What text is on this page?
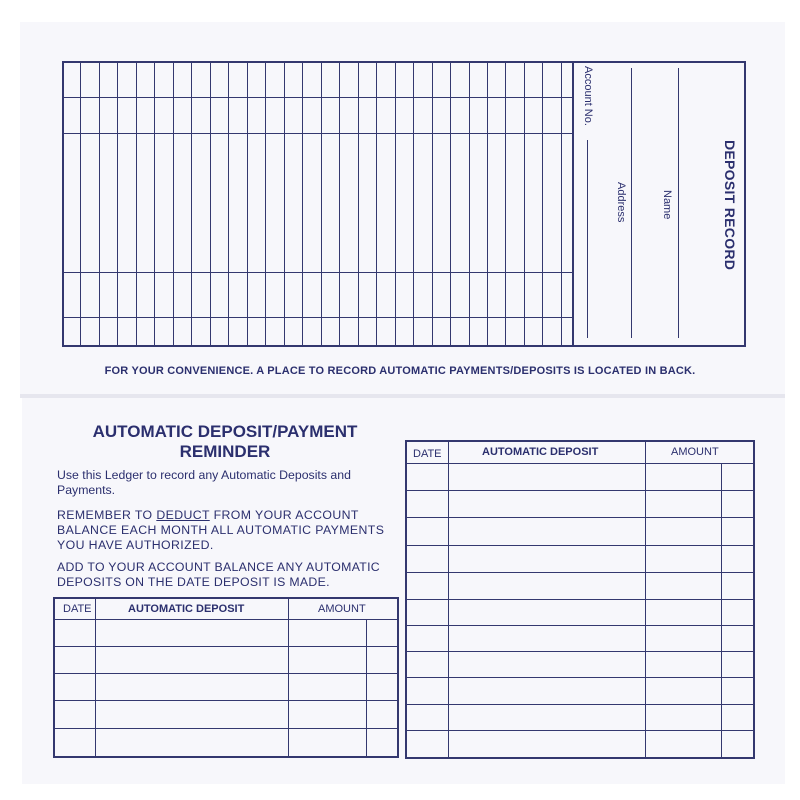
DEPOSIT RECORD
Name
Address
Account No.
FOR YOUR CONVENIENCE. A PLACE TO RECORD AUTOMATIC PAYMENTS/DEPOSITS IS LOCATED IN BACK.
AUTOMATIC DEPOSIT/PAYMENT
REMINDER
Use this Ledger to record any Automatic Deposits and Payments.
REMEMBER TO DEDUCT FROM YOUR ACCOUNT BALANCE EACH MONTH ALL AUTOMATIC PAYMENTS YOU HAVE AUTHORIZED.
ADD TO YOUR ACCOUNT BALANCE ANY AUTOMATIC DEPOSITS ON THE DATE DEPOSIT IS MADE.
DATE	AUTOMATIC DEPOSIT	AMOUNT
DATE	AUTOMATIC DEPOSIT	AMOUNT
